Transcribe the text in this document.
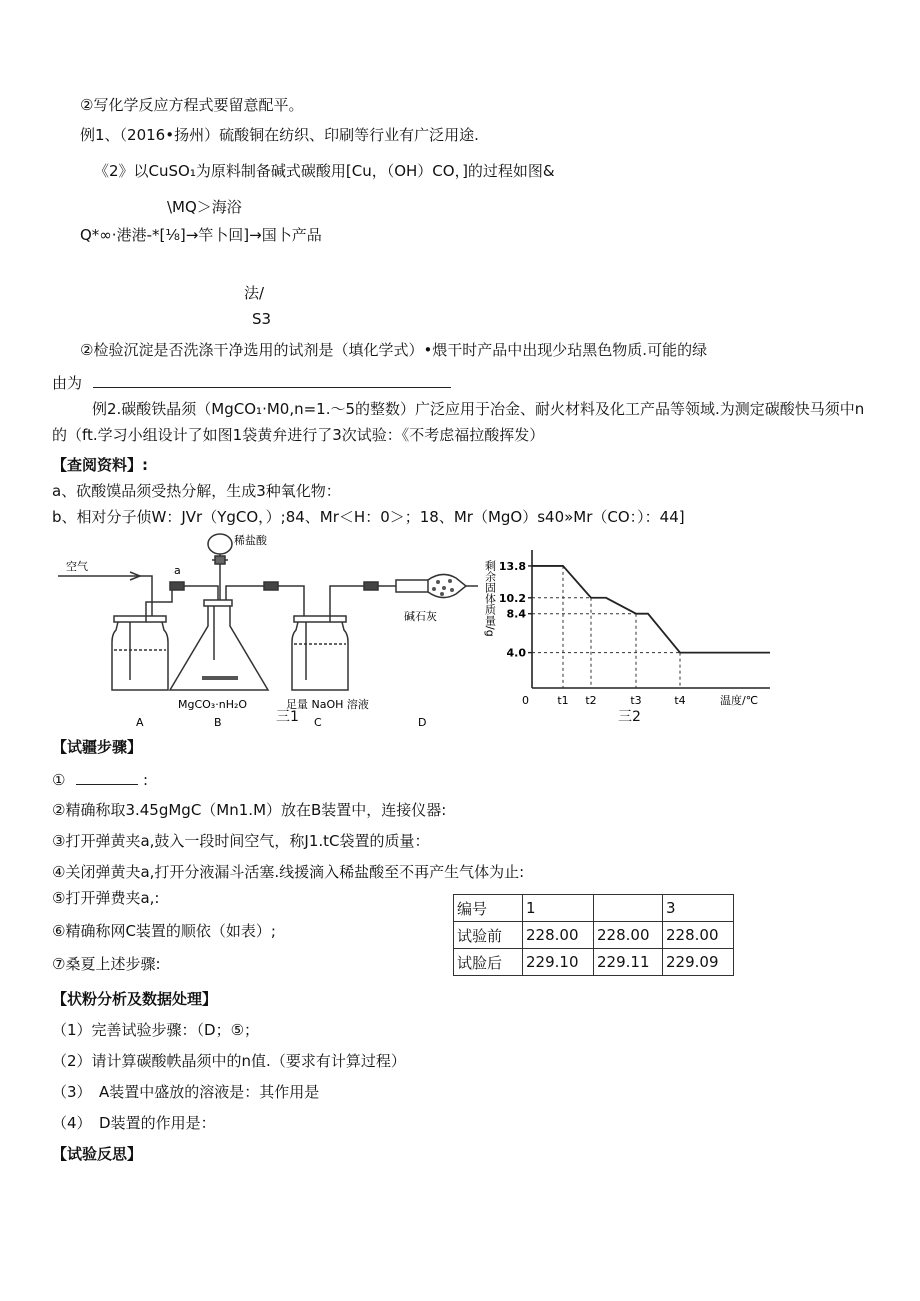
②写化学反应方程式要留意配平。
例1、（2016•扬州）硫酸铜在纺织、印刷等行业有广泛用途.
《2》以CuSO₁为原料制备碱式碳酸用[Cu，（OH）CO，]的过程如图&
\MQ＞海浴
Q*∞·港港-*[⅛]→竿卜回]→国卜产品
法/
S3
②检验沉淀是否洗涤干净选用的试剂是（填化学式）•煨干时产品中出现少玷黑色物质.可能的绿
由为
例2.碳酸铁晶须（MgCO₁·M0,n=1.～5的整数）广泛应用于冶金、耐火材料及化工产品等领域.为测定碳酸快马须中n
的（ft.学习小组设计了如图1袋黄弁进行了3次试验：《不考虑福拉酸挥发）
【查阅资料】:
a、砍酸馍品须受热分解，生成3种氧化物：
b、相对分子侦W：JVr（YgCO，）;84、Mr＜H：0＞；18、Mr（MgO）s40»Mr（CO：）：44]
空气	a
稀盐酸
碱石灰
MgCO₃·nH₂O	足量 NaOH 溶液
A	B	C	D
三1
13.8
10.2
8.4
4.0
t1 t2	t3	t4
剩余固体质量/g
0	温度/℃
三2
【试疆步骤】
①	:
②精确称取3.45gMgC（Mn1.M）放在B装置中，连接仪器:
③打开弹黄夹a,鼓入一段时间空气，称J1.tC袋置的质量：
④关闭弹黄夬a,打开分液漏斗活塞.线援滴入稀盐酸至不再产生气体为止:
⑤打开弹费夹a,:
⑥精确称网C装置的顺依（如表）;
⑦桑夏上述步骤:
编号	1		3
试验前	228.00	228.00	228.00
试脸后	229.10	229.11	229.09
【状粉分析及数据处理】
（1）完善试验步骤：（D；⑤；
（2）请计算碳酸帙晶须中的n值.（要求有计算过程）
（3）　A装置中盛放的溶液是：其作用是
（4）　D装置的作用是：
【试验反思】
